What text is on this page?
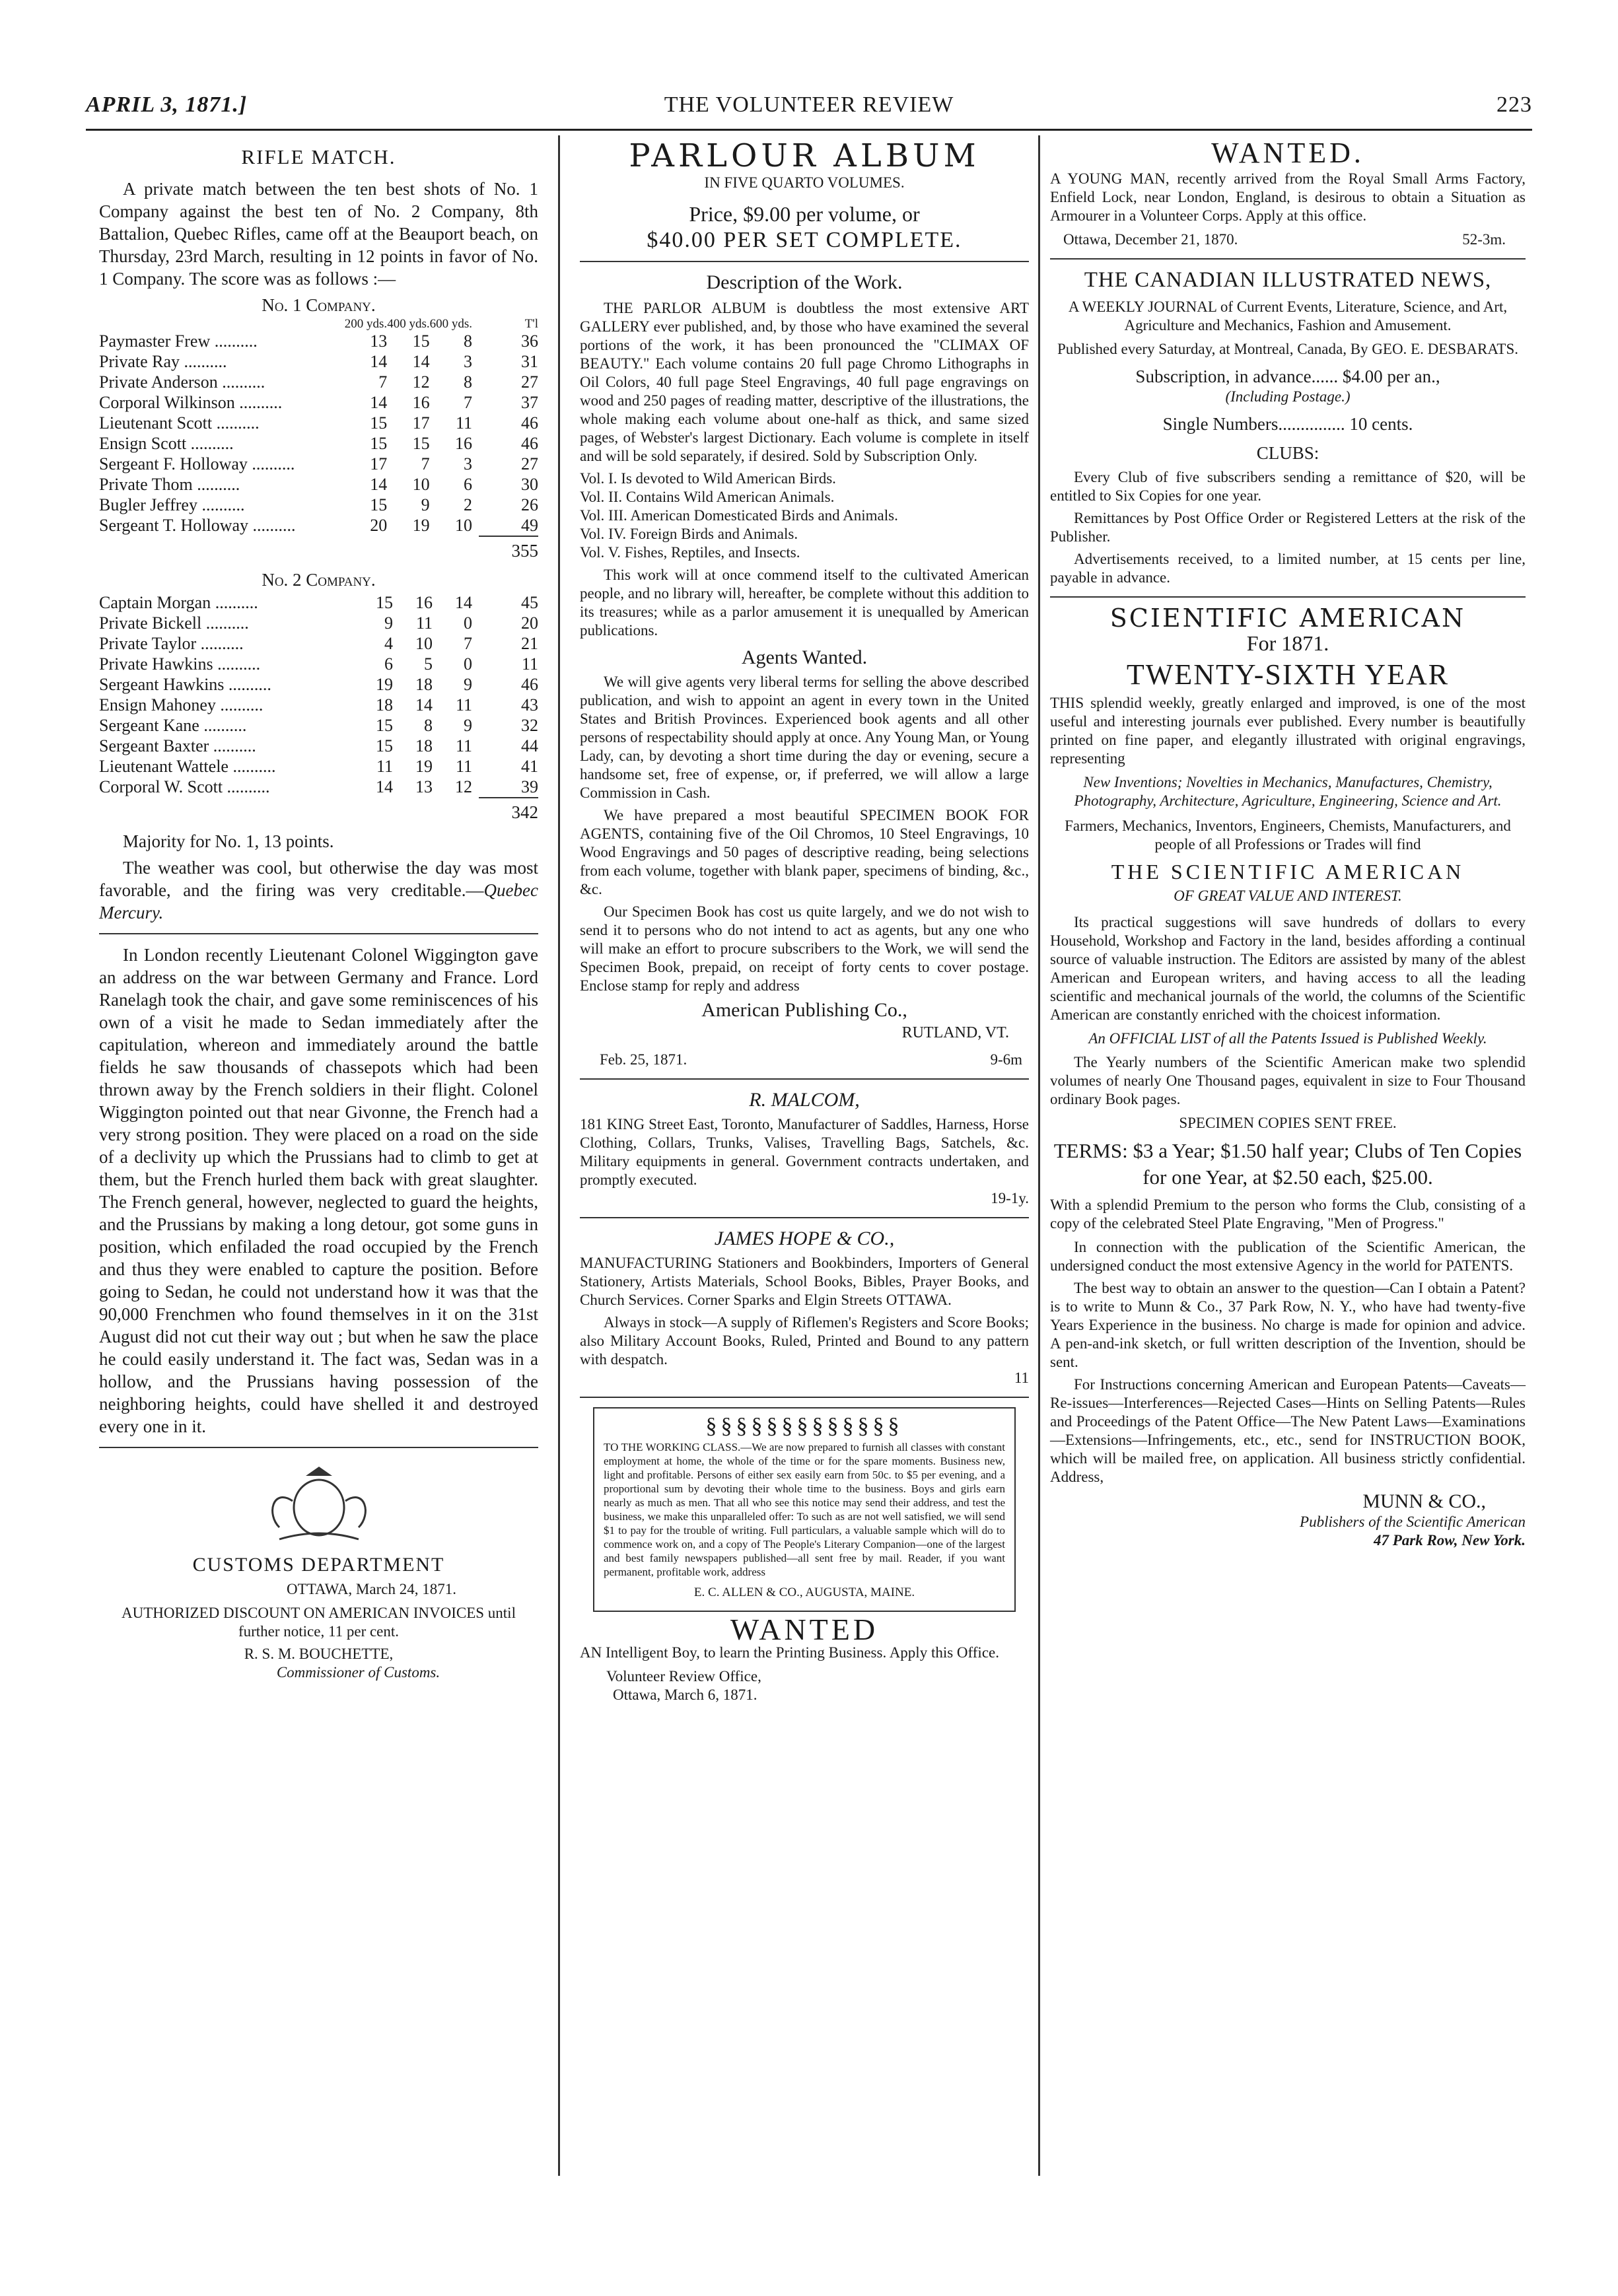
APRIL 3, 1871.]	THE VOLUNTEER REVIEW	223
RIFLE MATCH.

A private match between the ten best shots of No. 1 Company against the best ten of No. 2 Company, 8th Battalion, Quebec Rifles, came off at the Beauport beach, on Thursday, 23rd March, resulting in 12 points in favor of No. 1 Company. The score was as follows :—

No. 1 Company.
	200 yds.	400 yds.	600 yds.	T'l
Paymaster Frew ..........	13	15	8	36
Private Ray ..........	14	14	3	31
Private Anderson ..........	7	12	8	27
Corporal Wilkinson ..........	14	16	7	37
Lieutenant Scott ..........	15	17	11	46
Ensign Scott ..........	15	15	16	46
Sergeant F. Holloway ..........	17	7	3	27
Private Thom ..........	14	10	6	30
Bugler Jeffrey ..........	15	9	2	26
Sergeant T. Holloway ..........	20	19	10	49
355
No. 2 Company.
Captain Morgan ..........	15	16	14	45
Private Bickell ..........	9	11	0	20
Private Taylor ..........	4	10	7	21
Private Hawkins ..........	6	5	0	11
Sergeant Hawkins ..........	19	18	9	46
Ensign Mahoney ..........	18	14	11	43
Sergeant Kane ..........	15	8	9	32
Sergeant Baxter ..........	15	18	11	44
Lieutenant Wattele ..........	11	19	11	41
Corporal W. Scott ..........	14	13	12	39
342

Majority for No. 1, 13 points.

The weather was cool, but otherwise the day was most favorable, and the firing was very creditable.—Quebec Mercury.

In London recently Lieutenant Colonel Wiggington gave an address on the war between Germany and France. Lord Ranelagh took the chair, and gave some reminiscences of his own of a visit he made to Sedan immediately after the capitulation, whereon and immediately around the battle fields he saw thousands of chassepots which had been thrown away by the French soldiers in their flight. Colonel Wiggington pointed out that near Givonne, the French had a very strong position. They were placed on a road on the side of a declivity up which the Prussians had to climb to get at them, but the French hurled them back with great slaughter. The French general, however, neglected to guard the heights, and the Prussians by making a long detour, got some guns in position, which enfiladed the road occupied by the French and thus they were enabled to capture the position. Before going to Sedan, he could not understand how it was that the 90,000 Frenchmen who found themselves in it on the 31st August did not cut their way out ; but when he saw the place he could easily understand it. The fact was, Sedan was in a hollow, and the Prussians having possession of the neighboring heights, could have shelled it and destroyed every one in it.

CUSTOMS DEPARTMENT
OTTAWA, March 24, 1871.

AUTHORIZED DISCOUNT ON AMERICAN INVOICES until further notice, 11 per cent.

R. S. M. BOUCHETTE,
Commissioner of Customs.
PARLOUR ALBUM
IN FIVE QUARTO VOLUMES.
Price, $9.00 per volume, or
$40.00 PER SET COMPLETE.
Description of the Work.

THE PARLOR ALBUM is doubtless the most extensive ART GALLERY ever published, and, by those who have examined the several portions of the work, it has been pronounced the "CLIMAX OF BEAUTY." Each volume contains 20 full page Chromo Lithographs in Oil Colors, 40 full page Steel Engravings, 40 full page engravings on wood and 250 pages of reading matter, descriptive of the illustrations, the whole making each volume about one-half as thick, and same sized pages, of Webster's largest Dictionary. Each volume is complete in itself and will be sold separately, if desired. Sold by Subscription Only.

Vol. I. Is devoted to Wild American Birds.
Vol. II. Contains Wild American Animals.
Vol. III. American Domesticated Birds and Animals.
Vol. IV. Foreign Birds and Animals.
Vol. V. Fishes, Reptiles, and Insects.

This work will at once commend itself to the cultivated American people, and no library will, hereafter, be complete without this addition to its treasures; while as a parlor amusement it is unequalled by American publications.

Agents Wanted.

We will give agents very liberal terms for selling the above described publication, and wish to appoint an agent in every town in the United States and British Provinces. Experienced book agents and all other persons of respectability should apply at once. Any Young Man, or Young Lady, can, by devoting a short time during the day or evening, secure a handsome set, free of expense, or, if preferred, we will allow a large Commission in Cash.

We have prepared a most beautiful SPECIMEN BOOK FOR AGENTS, containing five of the Oil Chromos, 10 Steel Engravings, 10 Wood Engravings and 50 pages of descriptive reading, being selections from each volume, together with blank paper, specimens of binding, &c., &c.

Our Specimen Book has cost us quite largely, and we do not wish to send it to persons who do not intend to act as agents, but any one who will make an effort to procure subscribers to the Work, we will send the Specimen Book, prepaid, on receipt of forty cents to cover postage. Enclose stamp for reply and address

American Publishing Co.,
RUTLAND, VT.
Feb. 25, 1871.	9-6m
R. MALCOM,

181 KING Street East, Toronto, Manufacturer of Saddles, Harness, Horse Clothing, Collars, Trunks, Valises, Travelling Bags, Satchels, &c. Military equipments in general. Government contracts undertaken, and promptly executed.

19-1y.
JAMES HOPE & CO.,

MANUFACTURING Stationers and Bookbinders, Importers of General Stationery, Artists Materials, School Books, Bibles, Prayer Books, and Church Services. Corner Sparks and Elgin Streets OTTAWA.

Always in stock—A supply of Riflemen's Registers and Score Books; also Military Account Books, Ruled, Printed and Bound to any pattern with despatch.

11
§§§§§§§§§§§§§

TO THE WORKING CLASS.—We are now prepared to furnish all classes with constant employment at home, the whole of the time or for the spare moments. Business new, light and profitable. Persons of either sex easily earn from 50c. to $5 per evening, and a proportional sum by devoting their whole time to the business. Boys and girls earn nearly as much as men. That all who see this notice may send their address, and test the business, we make this unparalleled offer: To such as are not well satisfied, we will send $1 to pay for the trouble of writing. Full particulars, a valuable sample which will do to commence work on, and a copy of The People's Literary Companion—one of the largest and best family newspapers published—all sent free by mail. Reader, if you want permanent, profitable work, address

E. C. ALLEN & CO., AUGUSTA, MAINE.
WANTED

AN Intelligent Boy, to learn the Printing Business. Apply this Office.

Volunteer Review Office,
Ottawa, March 6, 1871.
WANTED.

A YOUNG MAN, recently arrived from the Royal Small Arms Factory, Enfield Lock, near London, England, is desirous to obtain a Situation as Armourer in a Volunteer Corps. Apply at this office.

Ottawa, December 21, 1870.	52-3m.
THE CANADIAN ILLUSTRATED NEWS,

A WEEKLY JOURNAL of Current Events, Literature, Science, and Art, Agriculture and Mechanics, Fashion and Amusement.

Published every Saturday, at Montreal, Canada, By GEO. E. DESBARATS.

Subscription, in advance...... $4.00 per an.,
(Including Postage.)
Single Numbers............... 10 cents.
CLUBS:

Every Club of five subscribers sending a remittance of $20, will be entitled to Six Copies for one year.

Remittances by Post Office Order or Registered Letters at the risk of the Publisher.

Advertisements received, to a limited number, at 15 cents per line, payable in advance.

SCIENTIFIC AMERICAN
For 1871.
TWENTY-SIXTH YEAR

THIS splendid weekly, greatly enlarged and improved, is one of the most useful and interesting journals ever published. Every number is beautifully printed on fine paper, and elegantly illustrated with original engravings, representing

New Inventions; Novelties in Mechanics, Manufactures, Chemistry, Photography, Architecture, Agriculture, Engineering, Science and Art.

Farmers, Mechanics, Inventors, Engineers, Chemists, Manufacturers, and people of all Professions or Trades will find

THE SCIENTIFIC AMERICAN
OF GREAT VALUE AND INTEREST.

Its practical suggestions will save hundreds of dollars to every Household, Workshop and Factory in the land, besides affording a continual source of valuable instruction. The Editors are assisted by many of the ablest American and European writers, and having access to all the leading scientific and mechanical journals of the world, the columns of the Scientific American are constantly enriched with the choicest information.

An OFFICIAL LIST of all the Patents Issued is Published Weekly.

The Yearly numbers of the Scientific American make two splendid volumes of nearly One Thousand pages, equivalent in size to Four Thousand ordinary Book pages.

SPECIMEN COPIES SENT FREE.
TERMS: $3 a Year; $1.50 half year; Clubs of Ten Copies for one Year, at $2.50 each, $25.00.

With a splendid Premium to the person who forms the Club, consisting of a copy of the celebrated Steel Plate Engraving, "Men of Progress."

In connection with the publication of the Scientific American, the undersigned conduct the most extensive Agency in the world for PATENTS.

The best way to obtain an answer to the question—Can I obtain a Patent? is to write to Munn & Co., 37 Park Row, N. Y., who have had twenty-five Years Experience in the business. No charge is made for opinion and advice. A pen-and-ink sketch, or full written description of the Invention, should be sent.

For Instructions concerning American and European Patents—Caveats—Re-issues—Interferences—Rejected Cases—Hints on Selling Patents—Rules and Proceedings of the Patent Office—The New Patent Laws—Examinations—Extensions—Infringements, etc., etc., send for INSTRUCTION BOOK, which will be mailed free, on application. All business strictly confidential. Address,

MUNN & CO.,
Publishers of the Scientific American
47 Park Row, New York.
